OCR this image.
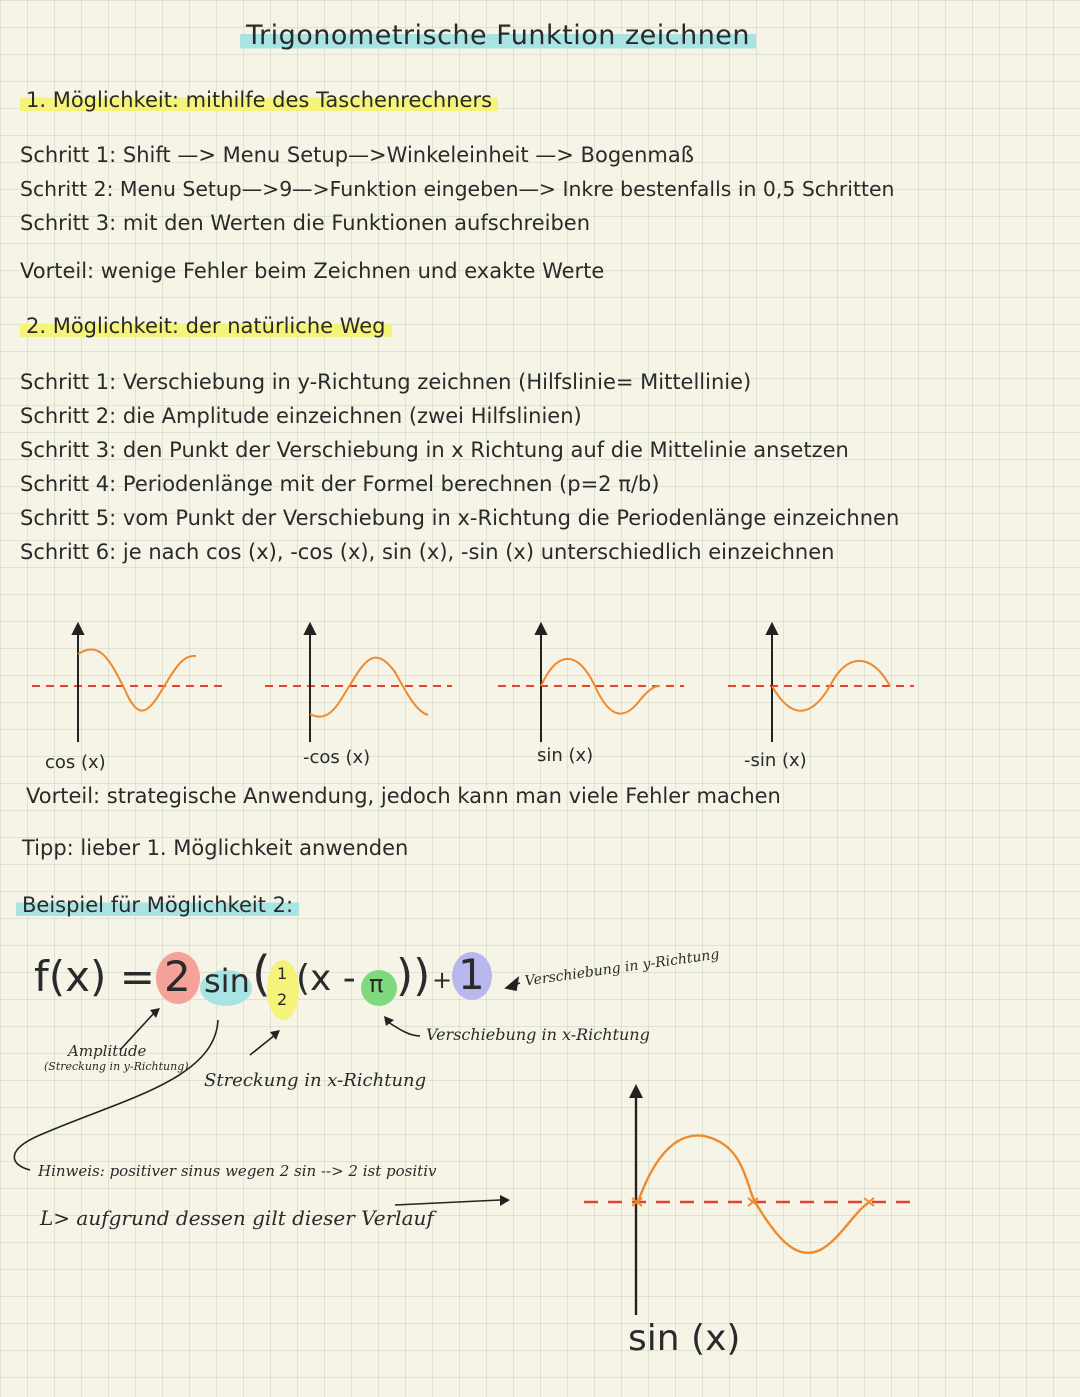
Trigonometrische Funktion zeichnen
1. Möglichkeit: mithilfe des Taschenrechners
Schritt 1: Shift —> Menu Setup—>Winkeleinheit —> Bogenmaß
Schritt 2: Menu Setup—>9—>Funktion eingeben—> Inkre bestenfalls in 0,5 Schritten
Schritt 3: mit den Werten die Funktionen aufschreiben
Vorteil: wenige Fehler beim Zeichnen und exakte Werte
2. Möglichkeit: der natürliche Weg
Schritt 1: Verschiebung in y-Richtung zeichnen (Hilfslinie= Mittellinie)
Schritt 2: die Amplitude einzeichnen (zwei Hilfslinien)
Schritt 3: den Punkt der Verschiebung in x Richtung auf die Mittelinie ansetzen
Schritt 4: Periodenlänge mit der Formel berechnen (p=2 π/b)
Schritt 5: vom Punkt der Verschiebung in x-Richtung die Periodenlänge einzeichnen
Schritt 6: je nach cos (x), -cos (x), sin (x), -sin (x) unterschiedlich einzeichnen
cos (x)	-cos (x)	sin (x)	-sin (x)
Vorteil: strategische Anwendung, jedoch kann man viele Fehler machen
Tipp: lieber 1. Möglichkeit anwenden
Beispiel für Möglichkeit 2:
f(x) = 2 sin ( 1
2
(x - π )) + 1	Verschiebung in y-Richtung
Verschiebung in x-Richtung
Amplitude
(Streckung in y-Richtung)
Streckung in x-Richtung
Hinweis: positiver sinus wegen 2 sin --> 2 ist positiv
L> aufgrund dessen gilt dieser Verlauf
sin (x)
